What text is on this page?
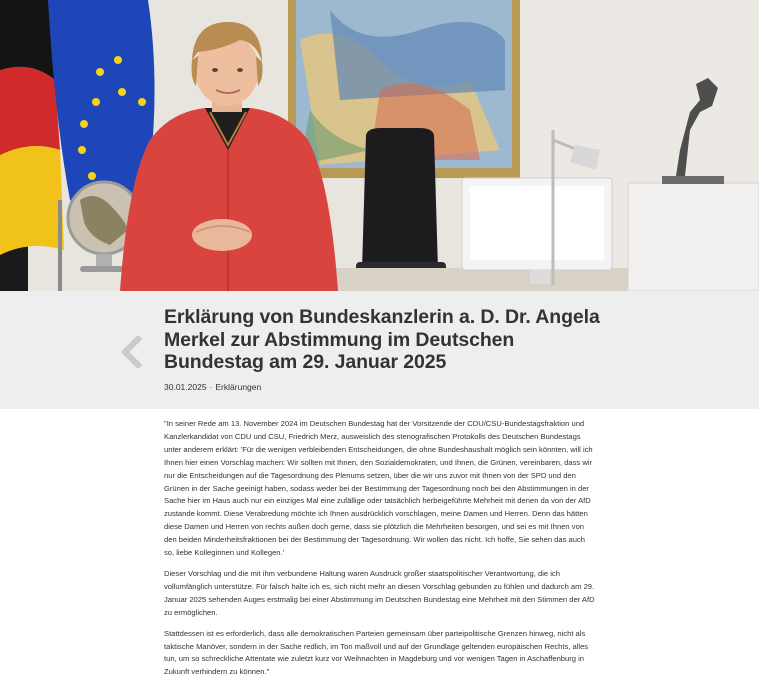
Erklärung von Bundeskanzlerin a. D. Dr. Angela Merkel zur Abstimmung im Deutschen Bundestag am 29. Januar 2025
30.01.2025 · Erklärungen

"In seiner Rede am 13. November 2024 im Deutschen Bundestag hat der Vorsitzende der CDU/CSU-Bundestagsfraktion und Kanzlerkandidat von CDU und CSU, Friedrich Merz, ausweislich des stenografischen Protokolls des Deutschen Bundestags unter anderem erklärt: 'Für die wenigen verbleibenden Entscheidungen, die ohne Bundeshaushalt möglich sein könnten, will ich Ihnen hier einen Vorschlag machen: Wir sollten mit Ihnen, den Sozialdemokraten, und Ihnen, die Grünen, vereinbaren, dass wir nur die Entscheidungen auf die Tagesordnung des Plenums setzen, über die wir uns zuvor mit Ihnen von der SPD und den Grünen in der Sache geeinigt haben, sodass weder bei der Bestimmung der Tagesordnung noch bei den Abstimmungen in der Sache hier im Haus auch nur ein einziges Mal eine zufällige oder tatsächlich herbeigeführte Mehrheit mit denen da von der AfD zustande kommt. Diese Verabredung möchte ich Ihnen ausdrücklich vorschlagen, meine Damen und Herren. Denn das hätten diese Damen und Herren von rechts außen doch gerne, dass sie plötzlich die Mehrheiten besorgen, und sei es mit Ihnen von den beiden Minderheitsfraktionen bei der Bestimmung der Tagesordnung. Wir wollen das nicht. Ich hoffe, Sie sehen das auch so, liebe Kolleginnen und Kollegen.'

Dieser Vorschlag und die mit ihm verbundene Haltung waren Ausdruck großer staatspolitischer Verantwortung, die ich vollumfänglich unterstütze. Für falsch halte ich es, sich nicht mehr an diesen Vorschlag gebunden zu fühlen und dadurch am 29. Januar 2025 sehenden Auges erstmalig bei einer Abstimmung im Deutschen Bundestag eine Mehrheit mit den Stimmen der AfD zu ermöglichen.

Stattdessen ist es erforderlich, dass alle demokratischen Parteien gemeinsam über parteipolitische Grenzen hinweg, nicht als taktische Manöver, sondern in der Sache redlich, im Ton maßvoll und auf der Grundlage geltenden europäischen Rechts, alles tun, um so schreckliche Attentate wie zuletzt kurz vor Weihnachten in Magdeburg und vor wenigen Tagen in Aschaffenburg in Zukunft verhindern zu können."
